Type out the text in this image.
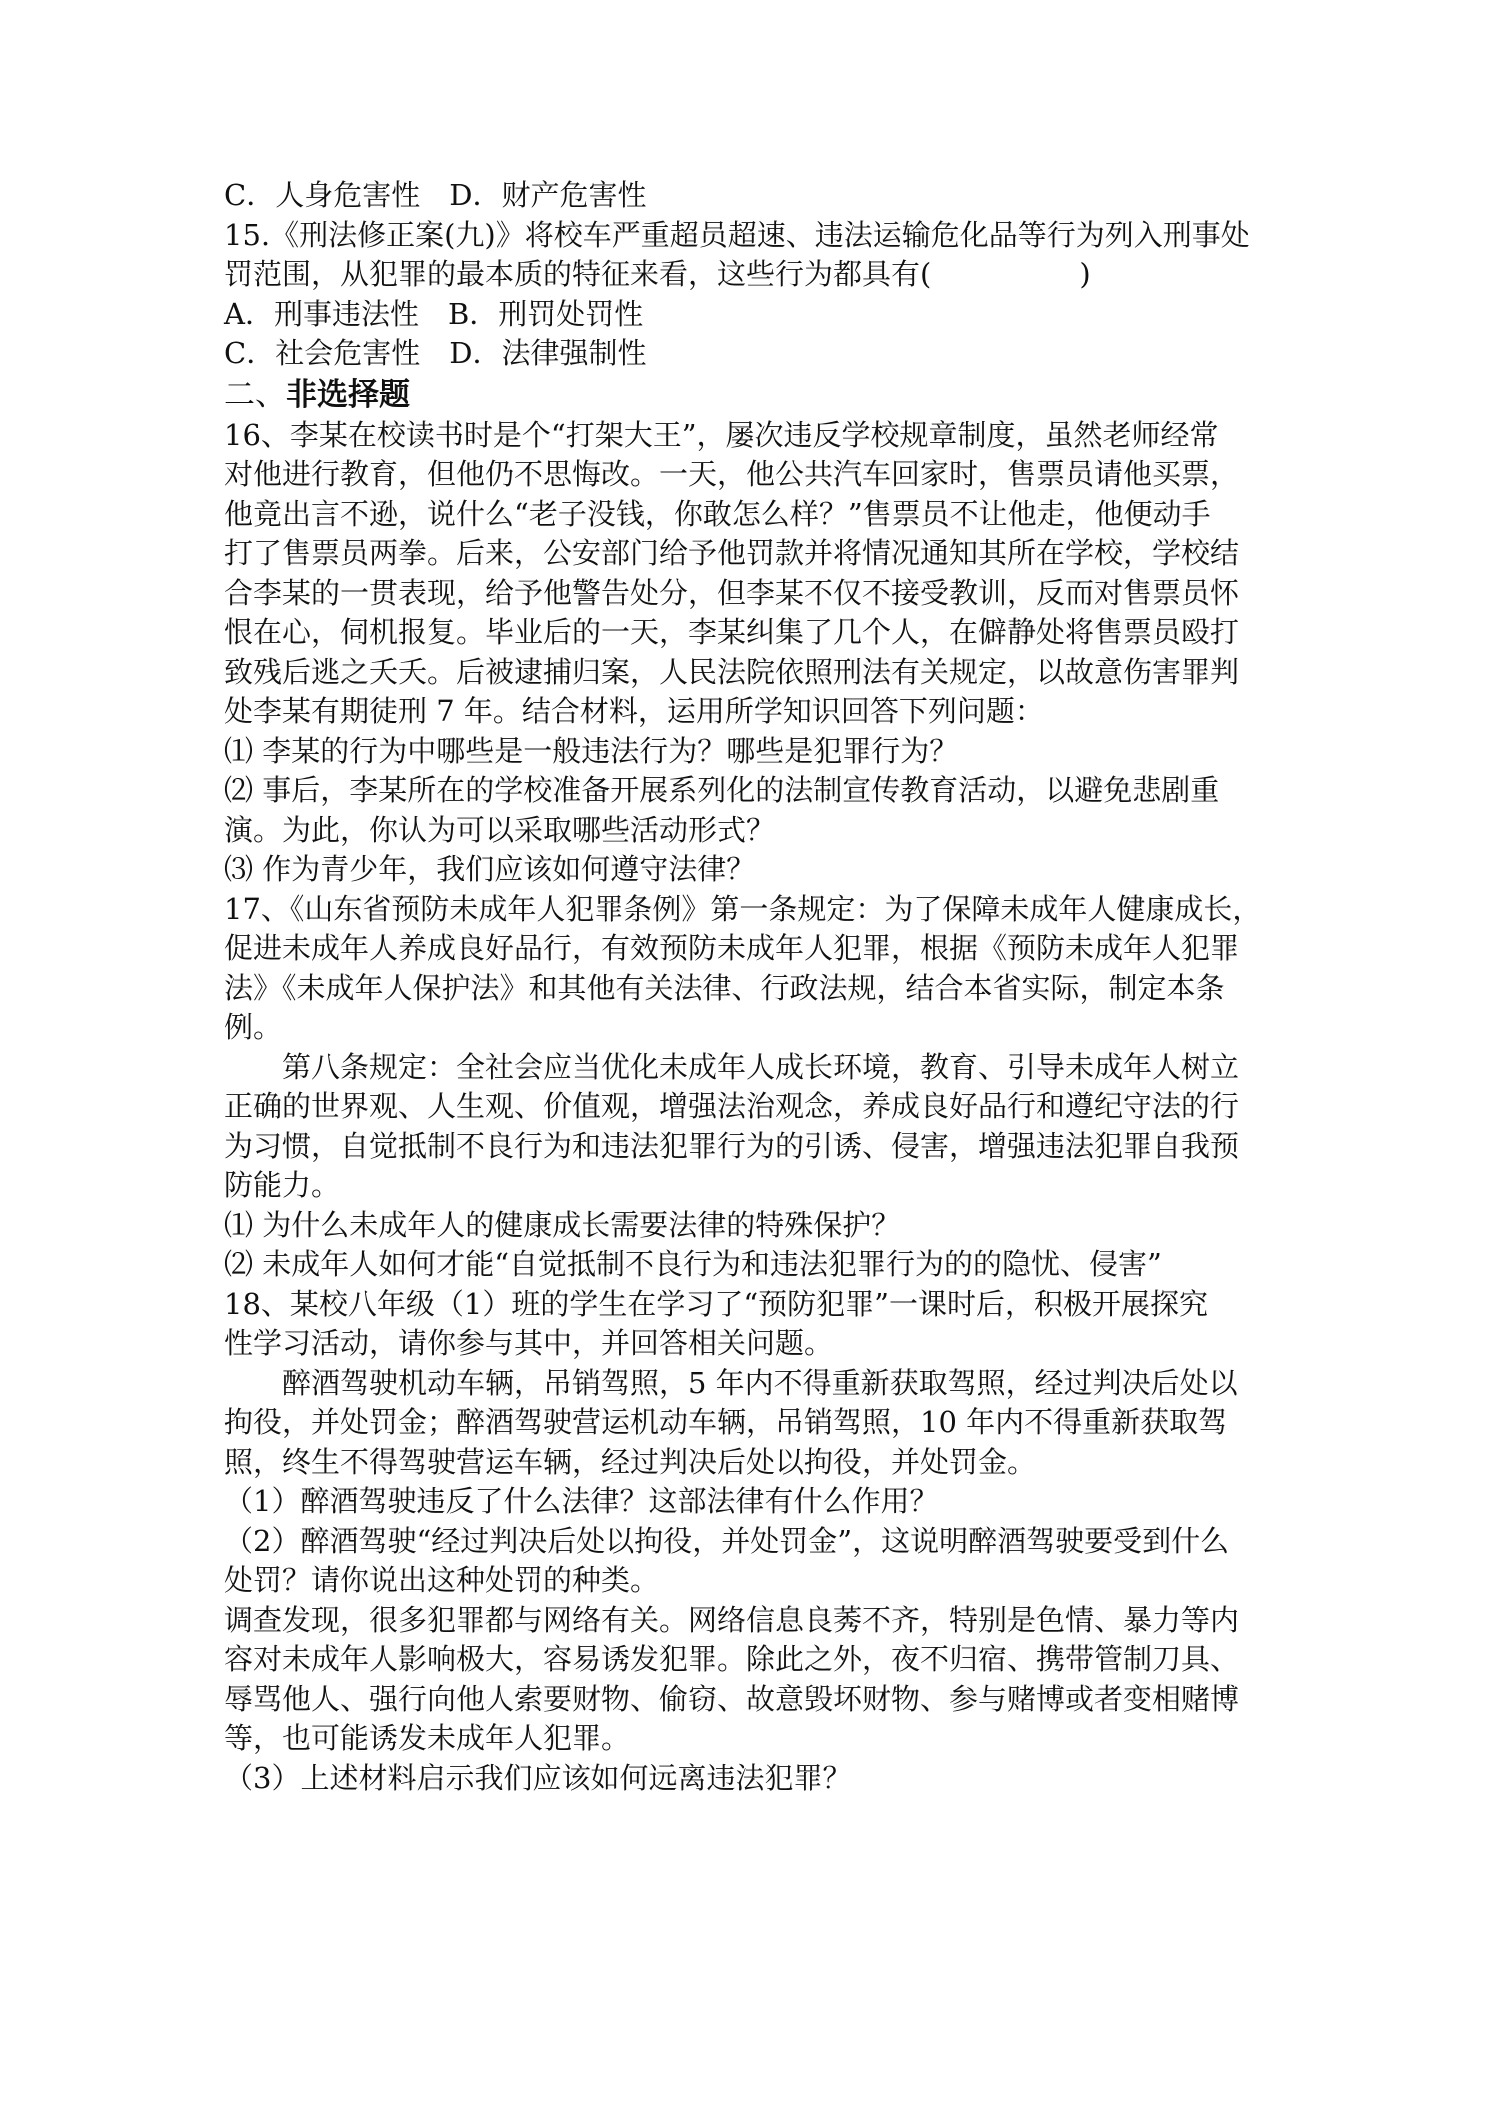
C．人身危害性　D．财产危害性

15.《刑法修正案(九)》将校车严重超员超速、违法运输危化品等行为列入刑事处

罚范围，从犯罪的最本质的特征来看，这些行为都具有(	)

A．刑事违法性　B．刑罚处罚性

C．社会危害性　D．法律强制性

二、非选择题

16、李某在校读书时是个“打架大王”，屡次违反学校规章制度，虽然老师经常

对他进行教育，但他仍不思悔改。一天，他公共汽车回家时，售票员请他买票，

他竟出言不逊，说什么“老子没钱，你敢怎么样？”售票员不让他走，他便动手

打了售票员两拳。后来，公安部门给予他罚款并将情况通知其所在学校，学校结

合李某的一贯表现，给予他警告处分，但李某不仅不接受教训，反而对售票员怀

恨在心，伺机报复。毕业后的一天，李某纠集了几个人，在僻静处将售票员殴打

致残后逃之夭夭。后被逮捕归案，人民法院依照刑法有关规定，以故意伤害罪判

处李某有期徒刑 7 年。结合材料，运用所学知识回答下列问题：

⑴ 李某的行为中哪些是一般违法行为？哪些是犯罪行为？

⑵ 事后，李某所在的学校准备开展系列化的法制宣传教育活动，以避免悲剧重

演。为此，你认为可以采取哪些活动形式？

⑶ 作为青少年，我们应该如何遵守法律？

17、《山东省预防未成年人犯罪条例》第一条规定：为了保障未成年人健康成长，

促进未成年人养成良好品行，有效预防未成年人犯罪，根据《预防未成年人犯罪

法》《未成年人保护法》和其他有关法律、行政法规，结合本省实际，制定本条

例。

第八条规定：全社会应当优化未成年人成长环境，教育、引导未成年人树立

正确的世界观、人生观、价值观，增强法治观念，养成良好品行和遵纪守法的行

为习惯，自觉抵制不良行为和违法犯罪行为的引诱、侵害，增强违法犯罪自我预

防能力。

⑴ 为什么未成年人的健康成长需要法律的特殊保护？

⑵ 未成年人如何才能“自觉抵制不良行为和违法犯罪行为的的隐忧、侵害”

18、某校八年级（1）班的学生在学习了“预防犯罪”一课时后，积极开展探究

性学习活动，请你参与其中，并回答相关问题。

醉酒驾驶机动车辆，吊销驾照，5 年内不得重新获取驾照，经过判决后处以

拘役，并处罚金；醉酒驾驶营运机动车辆，吊销驾照，10 年内不得重新获取驾

照，终生不得驾驶营运车辆，经过判决后处以拘役，并处罚金。

（1）醉酒驾驶违反了什么法律？这部法律有什么作用？

（2）醉酒驾驶“经过判决后处以拘役，并处罚金”，这说明醉酒驾驶要受到什么

处罚？请你说出这种处罚的种类。

调查发现，很多犯罪都与网络有关。网络信息良莠不齐，特别是色情、暴力等内

容对未成年人影响极大，容易诱发犯罪。除此之外，夜不归宿、携带管制刀具、

辱骂他人、强行向他人索要财物、偷窃、故意毁坏财物、参与赌博或者变相赌博

等，也可能诱发未成年人犯罪。

（3）上述材料启示我们应该如何远离违法犯罪？
